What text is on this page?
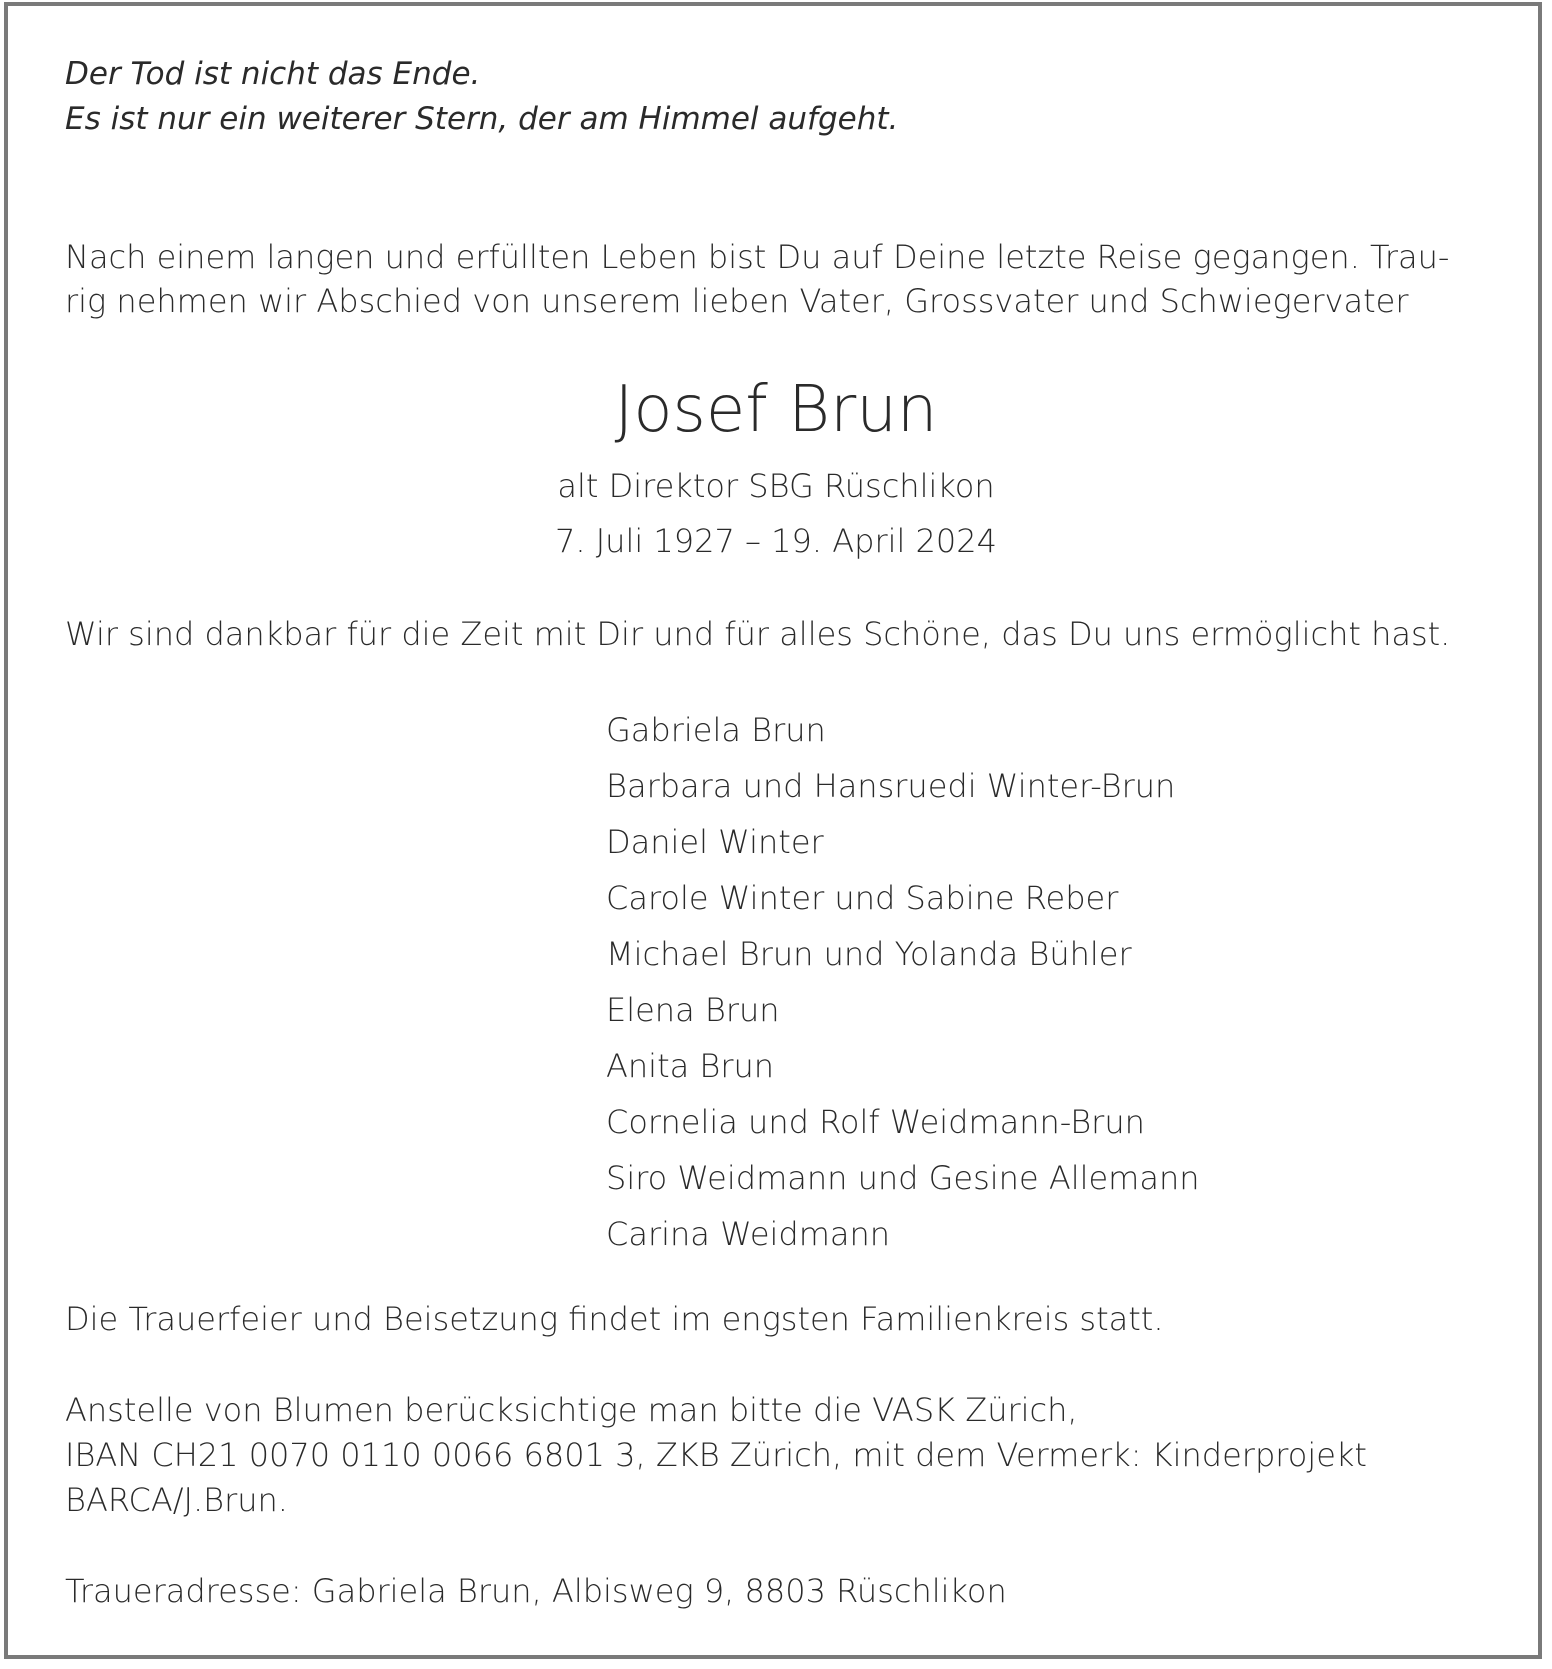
Der Tod ist nicht das Ende.
Es ist nur ein weiterer Stern, der am Himmel aufgeht.
Nach einem langen und erfüllten Leben bist Du auf Deine letzte Reise gegangen. Trau-
rig nehmen wir Abschied von unserem lieben Vater, Grossvater und Schwiegervater
Josef Brun
alt Direktor SBG Rüschlikon
7. Juli 1927 – 19. April 2024
Wir sind dankbar für die Zeit mit Dir und für alles Schöne, das Du uns ermöglicht hast.
Gabriela Brun
Barbara und Hansruedi Winter-Brun
Daniel Winter
Carole Winter und Sabine Reber
Michael Brun und Yolanda Bühler
Elena Brun
Anita Brun
Cornelia und Rolf Weidmann-Brun
Siro Weidmann und Gesine Allemann
Carina Weidmann
Die Trauerfeier und Beisetzung findet im engsten Familienkreis statt.
Anstelle von Blumen berücksichtige man bitte die VASK Zürich,
IBAN CH21 0070 0110 0066 6801 3, ZKB Zürich, mit dem Vermerk: Kinderprojekt
BARCA/J.Brun.
Traueradresse: Gabriela Brun, Albisweg 9, 8803 Rüschlikon
